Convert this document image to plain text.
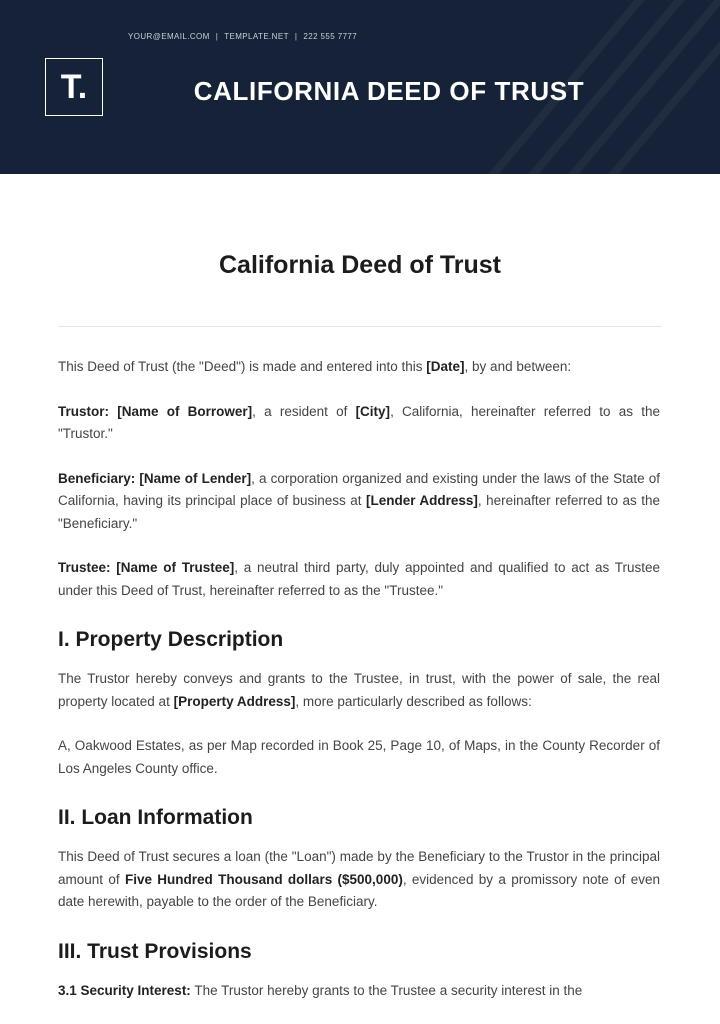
YOUR@EMAIL.COM | TEMPLATE.NET | 222 555 7777
T.	CALIFORNIA DEED OF TRUST
California Deed of Trust

This Deed of Trust (the "Deed") is made and entered into this [Date], by and between:

Trustor: [Name of Borrower], a resident of [City], California, hereinafter referred to as the "Trustor."

Beneficiary: [Name of Lender], a corporation organized and existing under the laws of the State of California, having its principal place of business at [Lender Address], hereinafter referred to as the "Beneficiary."

Trustee: [Name of Trustee], a neutral third party, duly appointed and qualified to act as Trustee under this Deed of Trust, hereinafter referred to as the "Trustee."

I. Property Description

The Trustor hereby conveys and grants to the Trustee, in trust, with the power of sale, the real property located at [Property Address], more particularly described as follows:

A, Oakwood Estates, as per Map recorded in Book 25, Page 10, of Maps, in the County Recorder of Los Angeles County office.

II. Loan Information

This Deed of Trust secures a loan (the "Loan") made by the Beneficiary to the Trustor in the principal amount of Five Hundred Thousand dollars ($500,000), evidenced by a promissory note of even date herewith, payable to the order of the Beneficiary.

III. Trust Provisions

3.1 Security Interest: The Trustor hereby grants to the Trustee a security interest in the
